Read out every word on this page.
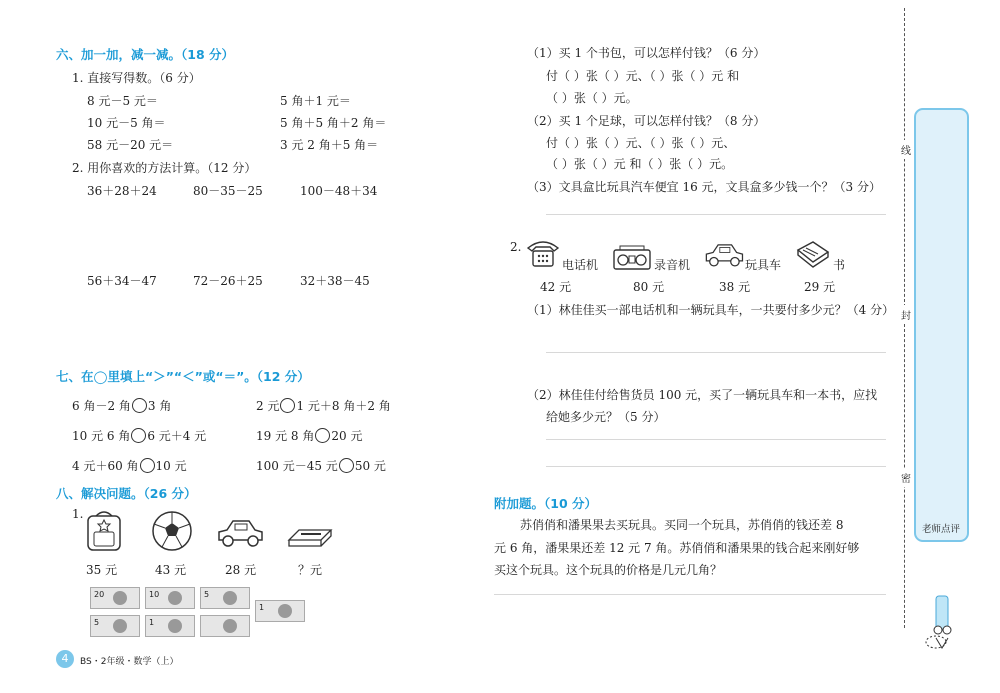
六、加一加，减一减。（18 分）
1. 直接写得数。（6 分）
8 元－5 元＝	5 角＋1 元＝
10 元－5 角＝	5 角＋5 角＋2 角＝
58 元－20 元＝	3 元 2 角＋5 角＝
2. 用你喜欢的方法计算。（12 分）
36＋28＋24	80－35－25	100－48＋34
56＋34－47	72－26＋25	32＋38－45
七、在◯里填上“＞”“＜”或“＝”。（12 分）
6 角－2 角 3 角	2 元 1 元＋8 角＋2 角
10 元 6 角 6 元＋4 元	19 元 8 角 20 元
4 元＋60 角 10 元	100 元－45 元 50 元
八、解决问题。（26 分）
1.
35 元	43 元	28 元	？元
20	10	5
1
5	1
4	BS・2年级・数学（上）
（1）买 1 个书包，可以怎样付钱？（6 分）
付（ ）张（ ）元、（ ）张（ ）元 和
（ ）张（ ）元。
（2）买 1 个足球，可以怎样付钱？（8 分）
付（ ）张（ ）元、（ ）张（ ）元、
（ ）张（ ）元 和（ ）张（ ）元。
（3）文具盒比玩具汽车便宜 16 元，文具盒多少钱一个？（3 分）
2.
电话机	录音机	玩具车	书
42 元	80 元	38 元	29 元
（1）林佳佳买一部电话机和一辆玩具车，一共要付多少元？（4 分）
（2）林佳佳付给售货员 100 元，买了一辆玩具车和一本书，应找
给她多少元？（5 分）
附加题。（10 分）
苏俏俏和潘果果去买玩具。买同一个玩具，苏俏俏的钱还差 8
元 6 角，潘果果还差 12 元 7 角。苏俏俏和潘果果的钱合起来刚好够
买这个玩具。这个玩具的价格是几元几角？
线
封
密
老师点评
